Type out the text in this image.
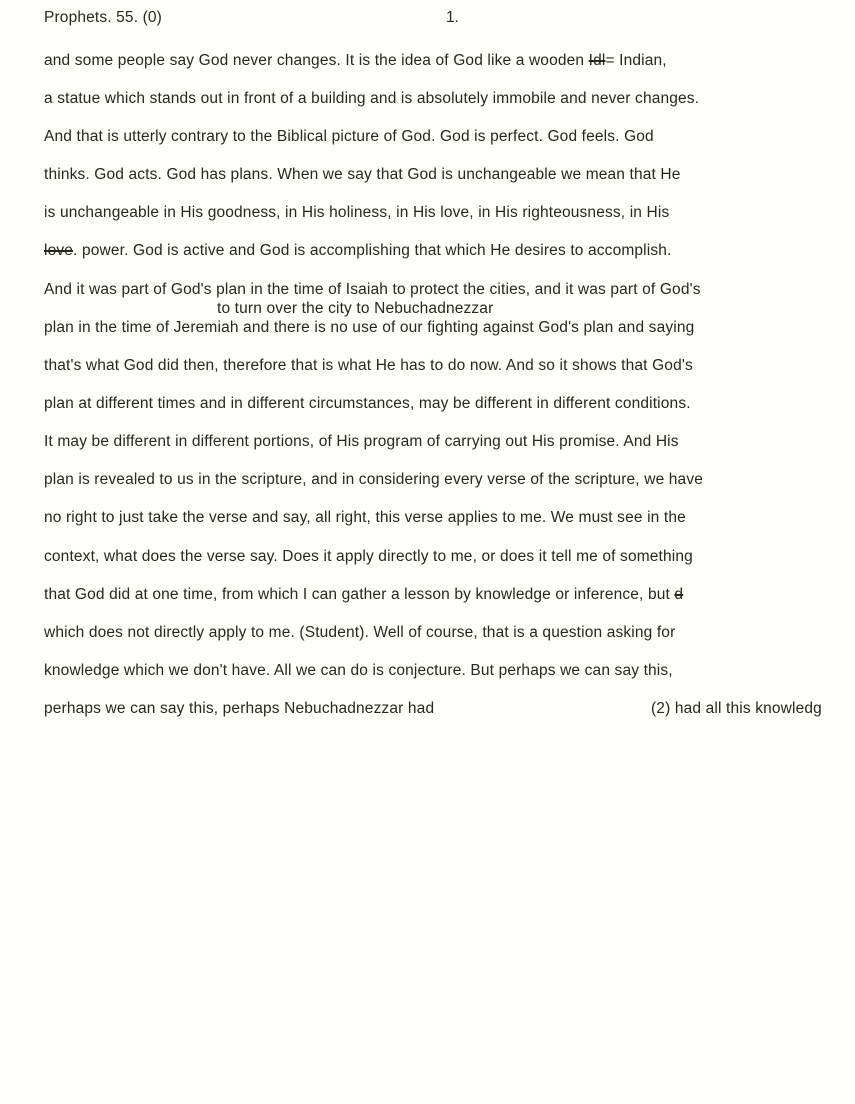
Prophets. 55. (0)	1.
and some people say God never changes. It is the idea of God like a wooden Idl= Indian,
a statue which stands out in front of a building and is absolutely immobile and never changes.
And that is utterly contrary to the Biblical picture of God. God is perfect. God feels. God
thinks. God acts. God has plans. When we say that God is unchangeable we mean that He
is unchangeable in His goodness, in His holiness, in His love, in His righteousness, in His
love. power. God is active and God is accomplishing that which He desires to accomplish.
And it was part of God's plan in the time of Isaiah to protect the cities, and it was part of God's
to turn over the city to Nebuchadnezzar
plan in the time of Jeremiah and there is no use of our fighting against God's plan and saying
that's what God did then, therefore that is what He has to do now. And so it shows that God's
plan at different times and in different circumstances, may be different in different conditions.
It may be different in different portions, of His program of carrying out His promise. And His
plan is revealed to us in the scripture, and in considering every verse of the scripture, we have
no right to just take the verse and say, all right, this verse applies to me. We must see in the
context, what does the verse say. Does it apply directly to me, or does it tell me of something
that God did at one time, from which I can gather a lesson by knowledge or inference, but d
which does not directly apply to me. (Student). Well of course, that is a question asking for
knowledge which we don't have. All we can do is conjecture. But perhaps we can say this,
perhaps we can say this, perhaps Nebuchadnezzar had	(2) had all this knowledg
